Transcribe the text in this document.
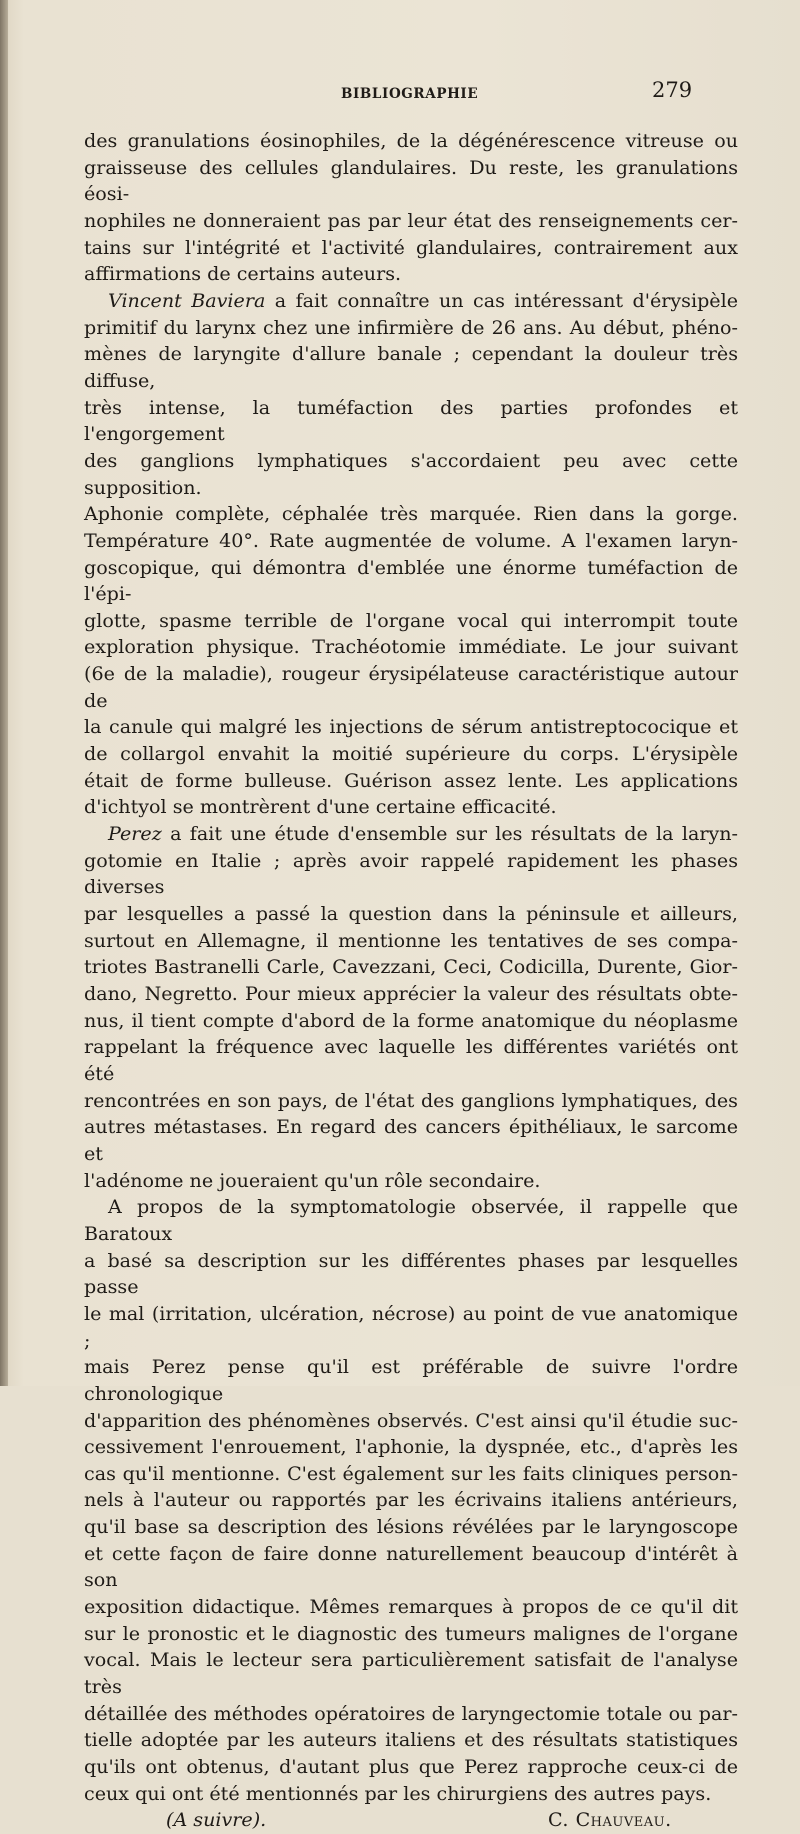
BIBLIOGRAPHIE	279

des granulations éosinophiles, de la dégénérescence vitreuse ou
graisseuse des cellules glandulaires. Du reste, les granulations éosi-
nophiles ne donneraient pas par leur état des renseignements cer-
tains sur l'intégrité et l'activité glandulaires, contrairement aux
affirmations de certains auteurs.

Vincent Baviera a fait connaître un cas intéressant d'érysipèle
primitif du larynx chez une infirmière de 26 ans. Au début, phéno-
mènes de laryngite d'allure banale ; cependant la douleur très diffuse,
très intense, la tuméfaction des parties profondes et l'engorgement
des ganglions lymphatiques s'accordaient peu avec cette supposition.
Aphonie complète, céphalée très marquée. Rien dans la gorge.
Température 40°. Rate augmentée de volume. A l'examen laryn-
goscopique, qui démontra d'emblée une énorme tuméfaction de l'épi-
glotte, spasme terrible de l'organe vocal qui interrompit toute
exploration physique. Trachéotomie immédiate. Le jour suivant
(6e de la maladie), rougeur érysipélateuse caractéristique autour de
la canule qui malgré les injections de sérum antistreptococique et
de collargol envahit la moitié supérieure du corps. L'érysipèle
était de forme bulleuse. Guérison assez lente. Les applications
d'ichtyol se montrèrent d'une certaine efficacité.

Perez a fait une étude d'ensemble sur les résultats de la laryn-
gotomie en Italie ; après avoir rappelé rapidement les phases diverses
par lesquelles a passé la question dans la péninsule et ailleurs,
surtout en Allemagne, il mentionne les tentatives de ses compa-
triotes Bastranelli Carle, Cavezzani, Ceci, Codicilla, Durente, Gior-
dano, Negretto. Pour mieux apprécier la valeur des résultats obte-
nus, il tient compte d'abord de la forme anatomique du néoplasme
rappelant la fréquence avec laquelle les différentes variétés ont été
rencontrées en son pays, de l'état des ganglions lymphatiques, des
autres métastases. En regard des cancers épithéliaux, le sarcome et
l'adénome ne joueraient qu'un rôle secondaire.

A propos de la symptomatologie observée, il rappelle que Baratoux
a basé sa description sur les différentes phases par lesquelles passe
le mal (irritation, ulcération, nécrose) au point de vue anatomique ;
mais Perez pense qu'il est préférable de suivre l'ordre chronologique
d'apparition des phénomènes observés. C'est ainsi qu'il étudie suc-
cessivement l'enrouement, l'aphonie, la dyspnée, etc., d'après les
cas qu'il mentionne. C'est également sur les faits cliniques person-
nels à l'auteur ou rapportés par les écrivains italiens antérieurs,
qu'il base sa description des lésions révélées par le laryngoscope
et cette façon de faire donne naturellement beaucoup d'intérêt à son
exposition didactique. Mêmes remarques à propos de ce qu'il dit
sur le pronostic et le diagnostic des tumeurs malignes de l'organe
vocal. Mais le lecteur sera particulièrement satisfait de l'analyse très
détaillée des méthodes opératoires de laryngectomie totale ou par-
tielle adoptée par les auteurs italiens et des résultats statistiques
qu'ils ont obtenus, d'autant plus que Perez rapproche ceux-ci de
ceux qui ont été mentionnés par les chirurgiens des autres pays.

(A suivre).	C. Chauveau.
